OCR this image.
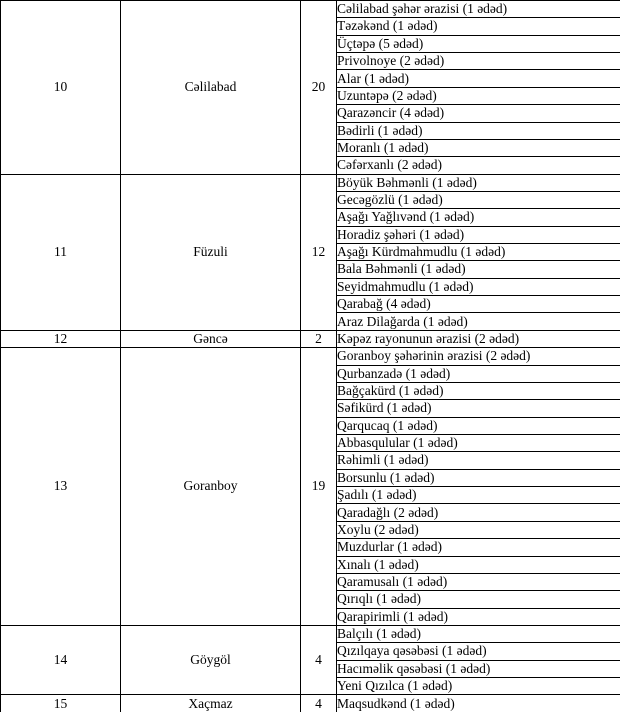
10	Cəlilabad	20	Cəlilabad şəhər ərazisi (1 ədəd)
			Təzəkənd (1 ədəd)
			Üçtəpə (5 ədəd)
			Privolnoye (2 ədəd)
			Alar (1 ədəd)
			Uzuntəpə (2 ədəd)
			Qarazəncir (4 ədəd)
			Bədirli (1 ədəd)
			Moranlı (1 ədəd)
			Cəfərxanlı (2 ədəd)
11	Füzuli	12	Böyük Bəhmənli (1 ədəd)
			Gecəgözlü (1 ədəd)
			Aşağı Yağlıvənd (1 ədəd)
			Horadiz şəhəri (1 ədəd)
			Aşağı Kürdmahmudlu (1 ədəd)
			Bala Bəhmənli (1 ədəd)
			Seyidmahmudlu (1 ədəd)
			Qarabağ (4 ədəd)
			Araz Dilağarda (1 ədəd)
12	Gəncə	2	Kəpəz rayonunun ərazisi (2 ədəd)
13	Goranboy	19	Goranboy şəhərinin ərazisi (2 ədəd)
			Qurbanzadə (1 ədəd)
			Bağçakürd (1 ədəd)
			Səfikürd (1 ədəd)
			Qarqucaq (1 ədəd)
			Abbasqulular (1 ədəd)
			Rəhimli (1 ədəd)
			Borsunlu (1 ədəd)
			Şadılı (1 ədəd)
			Qaradağlı (2 ədəd)
			Xoylu (2 ədəd)
			Muzdurlar (1 ədəd)
			Xınalı (1 ədəd)
			Qaramusalı (1 ədəd)
			Qırıqlı (1 ədəd)
			Qarapirimli (1 ədəd)
14	Göygöl	4	Balçılı (1 ədəd)
			Qızılqaya qəsəbəsi (1 ədəd)
			Hacıməlik qəsəbəsi (1 ədəd)
			Yeni Qızılca (1 ədəd)
15	Xaçmaz	4	Maqsudkənd (1 ədəd)
